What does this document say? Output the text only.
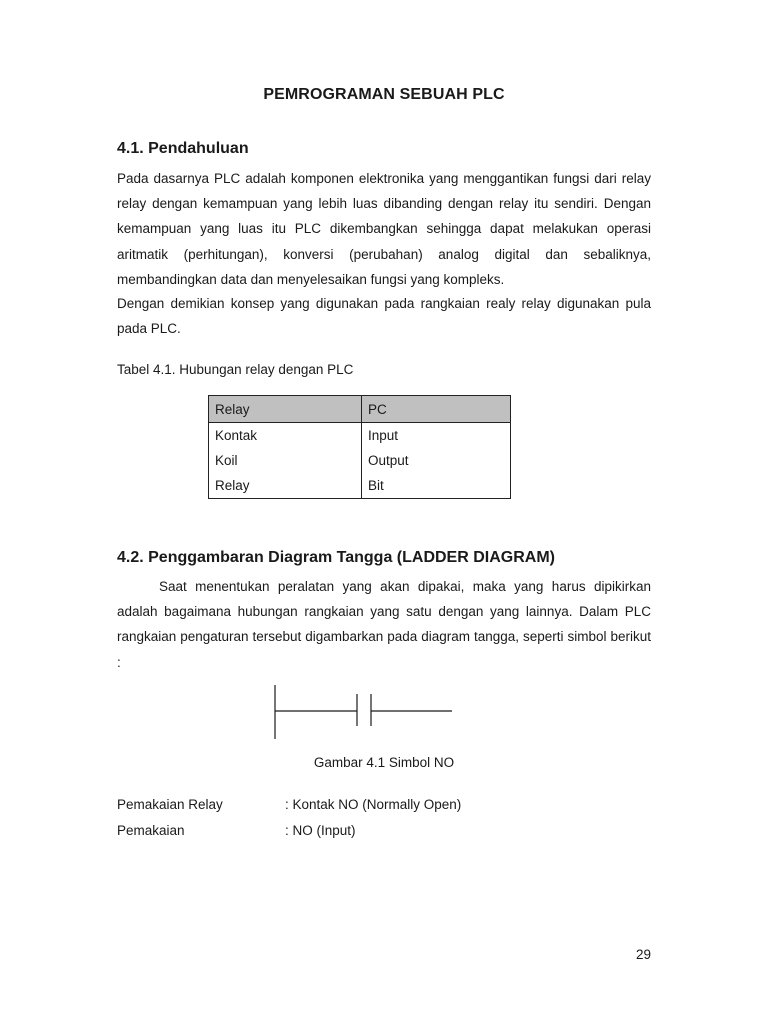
PEMROGRAMAN SEBUAH PLC
4.1. Pendahuluan

Pada dasarnya PLC adalah komponen elektronika yang menggantikan fungsi dari relay relay dengan kemampuan yang lebih luas dibanding dengan relay itu sendiri. Dengan kemampuan yang luas itu PLC dikembangkan sehingga dapat melakukan operasi aritmatik (perhitungan), konversi (perubahan) analog digital dan sebaliknya, membandingkan data dan menyelesaikan fungsi yang kompleks.

Dengan demikian konsep yang digunakan pada rangkaian realy relay digunakan pula pada PLC.

Tabel 4.1. Hubungan relay dengan PLC
Relay	PC
Kontak	Input
Koil	Output
Relay	Bit
4.2. Penggambaran Diagram Tangga (LADDER DIAGRAM)

Saat menentukan peralatan yang akan dipakai, maka yang harus dipikirkan adalah bagaimana hubungan rangkaian yang satu dengan yang lainnya. Dalam PLC rangkaian pengaturan tersebut digambarkan pada diagram tangga, seperti simbol berikut :

Gambar 4.1 Simbol NO
Pemakaian Relay	: Kontak NO (Normally Open)
Pemakaian	: NO (Input)
29
